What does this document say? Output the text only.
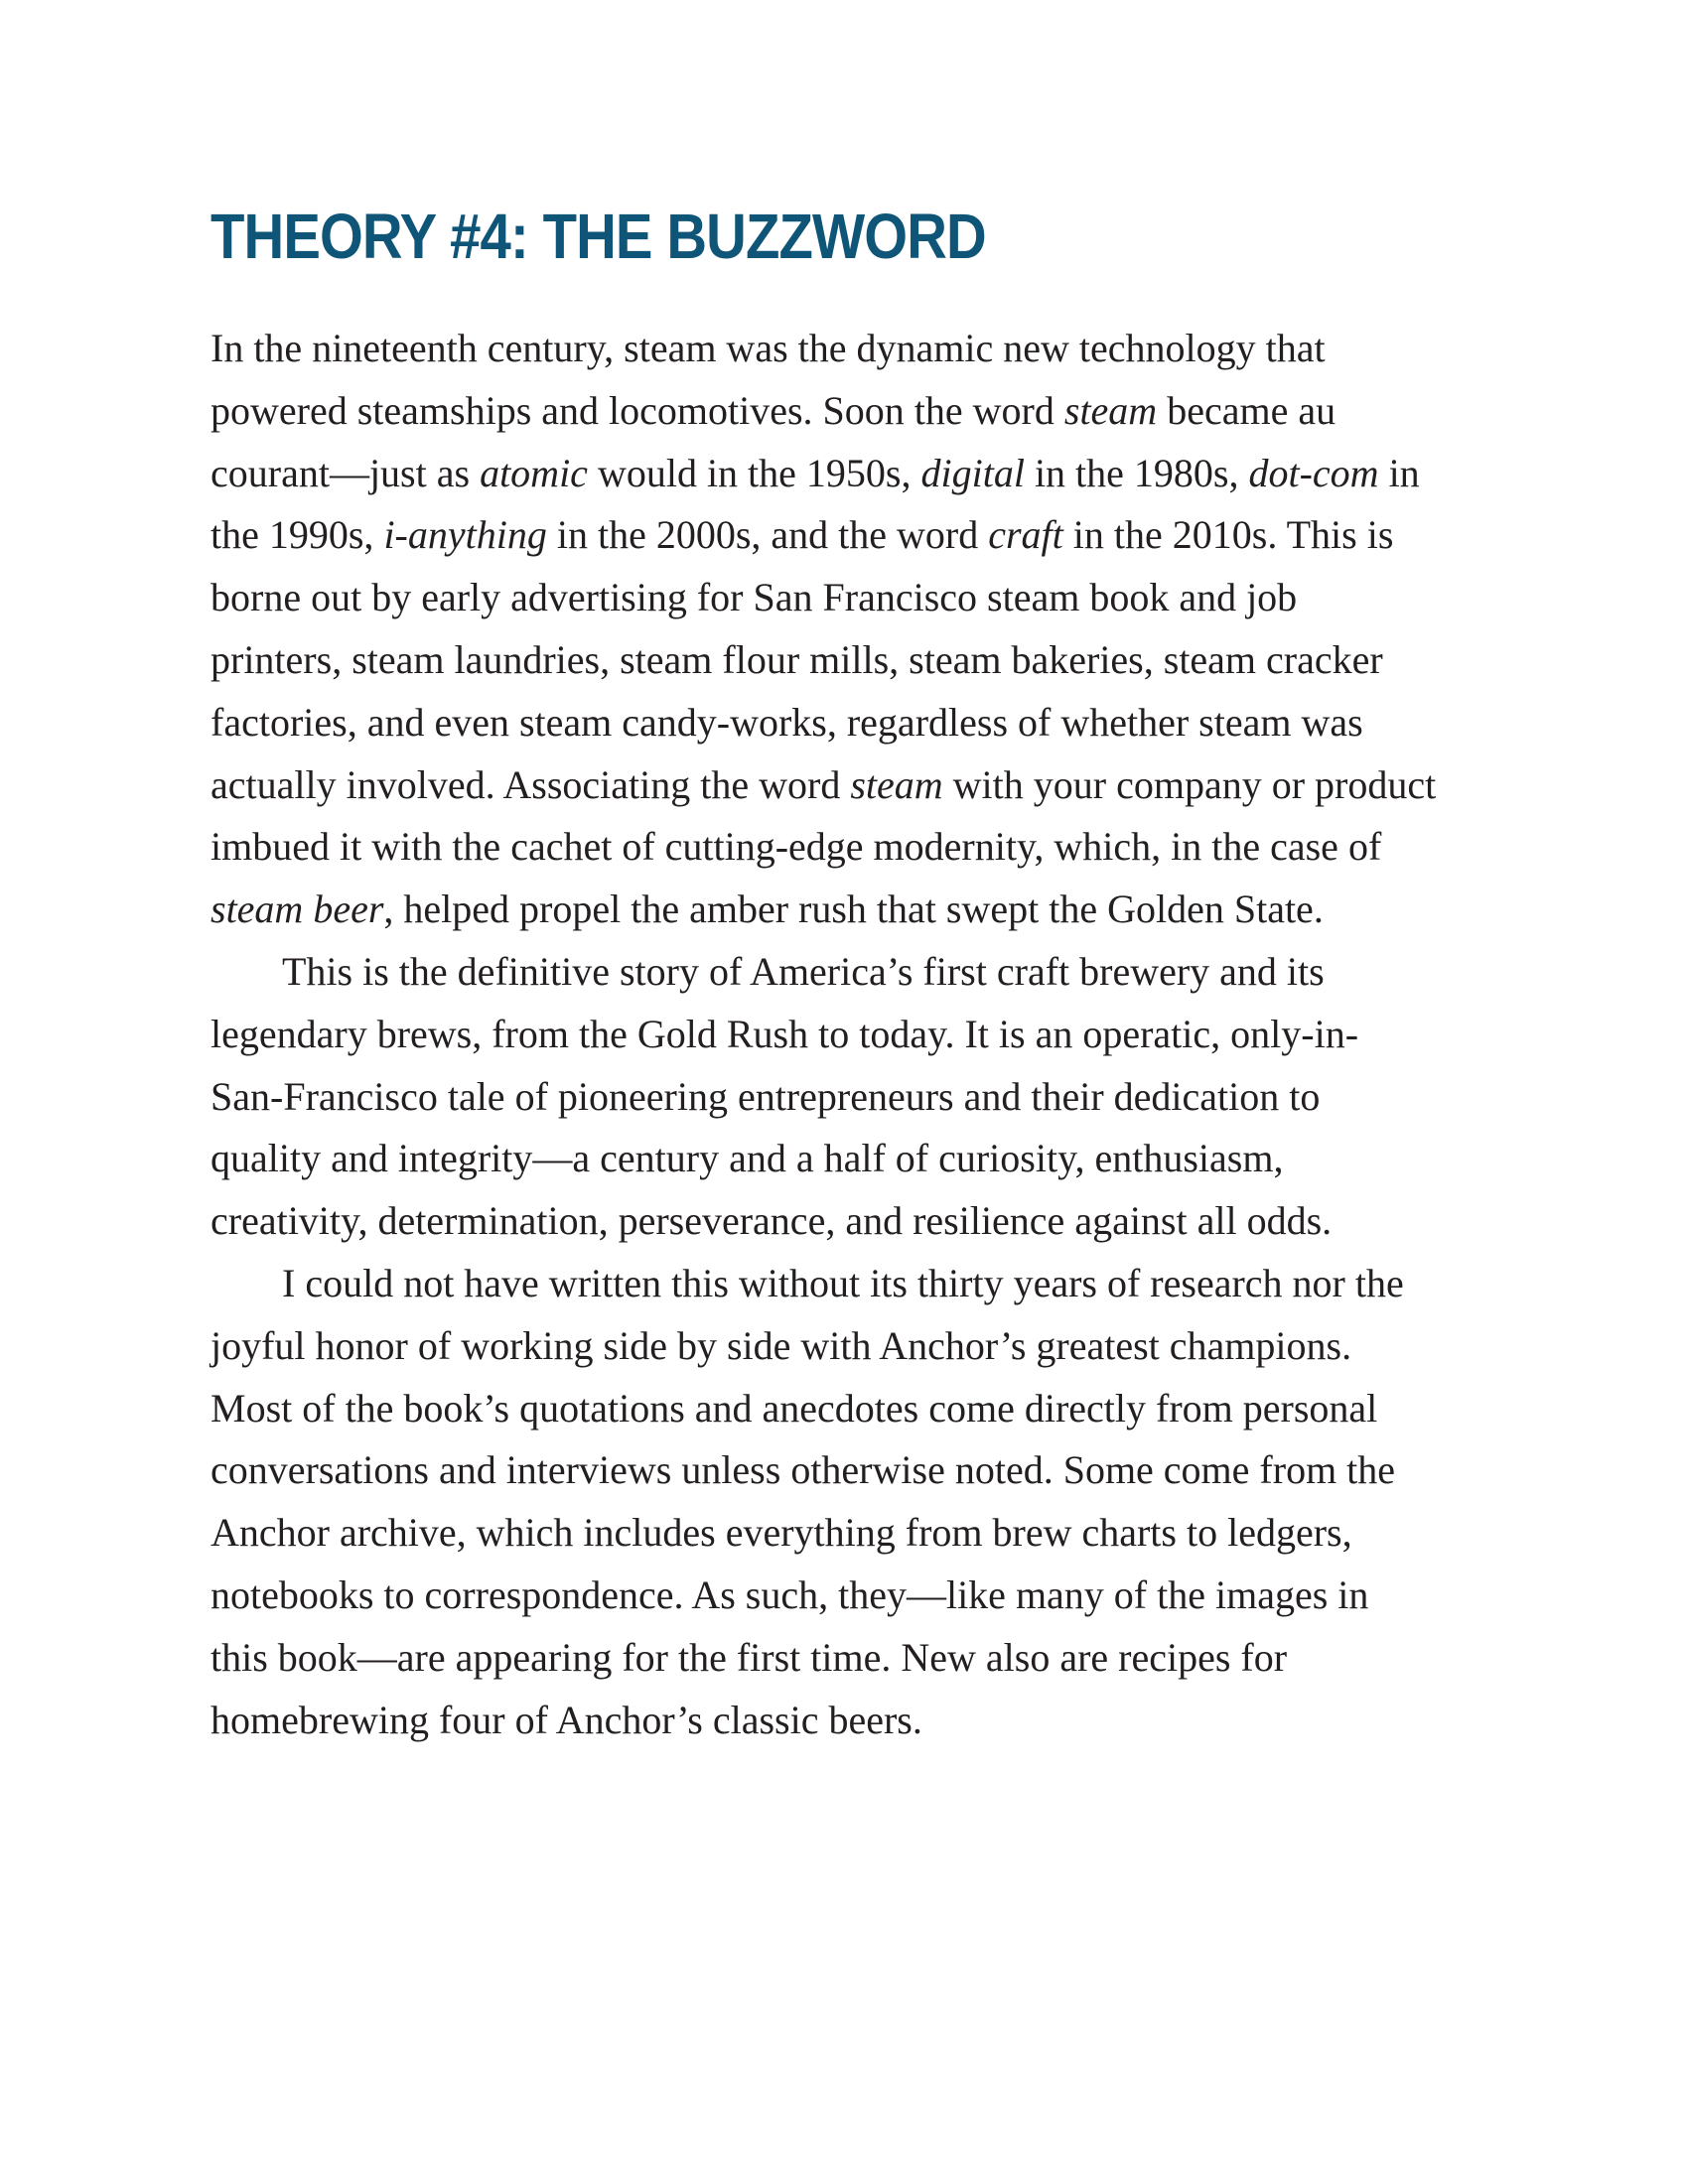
THEORY #4: THE BUZZWORD

In the nineteenth century, steam was the dynamic new technology that
powered steamships and locomotives. Soon the word steam became au
courant—just as atomic would in the 1950s, digital in the 1980s, dot-com in
the 1990s, i-anything in the 2000s, and the word craft in the 2010s. This is
borne out by early advertising for San Francisco steam book and job
printers, steam laundries, steam flour mills, steam bakeries, steam cracker
factories, and even steam candy-works, regardless of whether steam was
actually involved. Associating the word steam with your company or product
imbued it with the cachet of cutting-edge modernity, which, in the case of
steam beer, helped propel the amber rush that swept the Golden State.

This is the definitive story of America’s first craft brewery and its
legendary brews, from the Gold Rush to today. It is an operatic, only-in-
San-Francisco tale of pioneering entrepreneurs and their dedication to
quality and integrity—a century and a half of curiosity, enthusiasm,
creativity, determination, perseverance, and resilience against all odds.

I could not have written this without its thirty years of research nor the
joyful honor of working side by side with Anchor’s greatest champions.
Most of the book’s quotations and anecdotes come directly from personal
conversations and interviews unless otherwise noted. Some come from the
Anchor archive, which includes everything from brew charts to ledgers,
notebooks to correspondence. As such, they—like many of the images in
this book—are appearing for the first time. New also are recipes for
homebrewing four of Anchor’s classic beers.
